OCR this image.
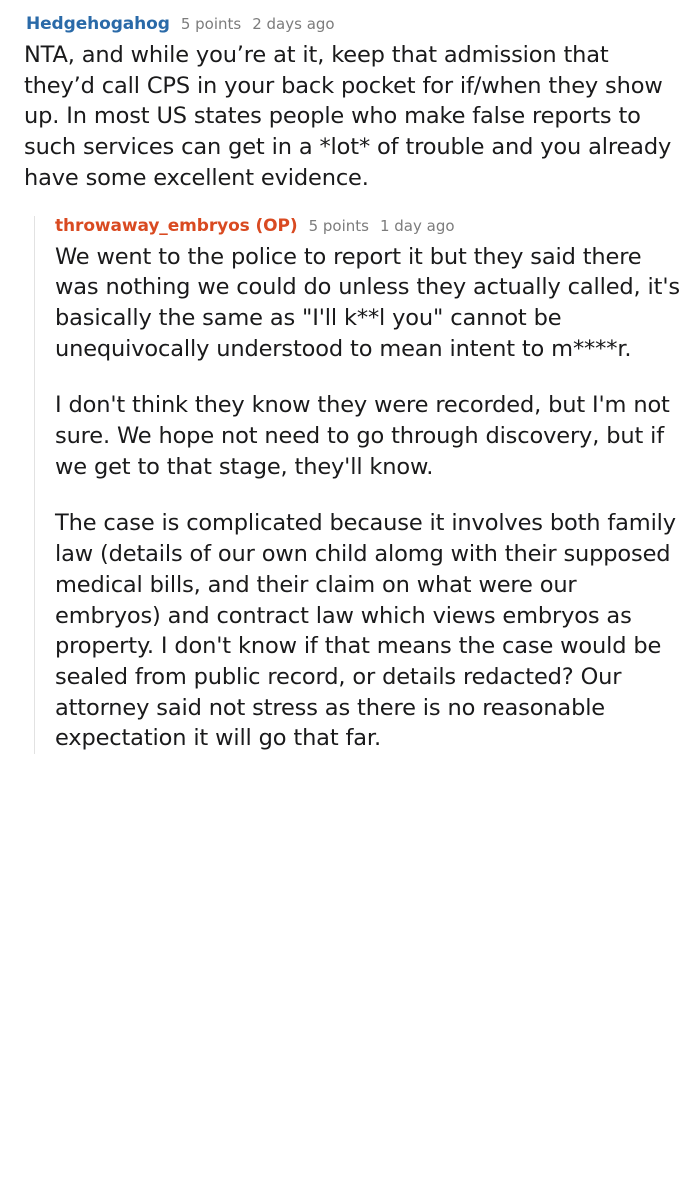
Hedgehogahog 5 points 2 days ago

NTA, and while you’re at it, keep that admission that they’d call CPS in your back pocket for if/when they show up. In most US states people who make false reports to such services can get in a *lot* of trouble and you already have some excellent evidence.

throwaway_embryos (OP) 5 points 1 day ago

We went to the police to report it but they said there was nothing we could do unless they actually called, it's basically the same as "I'll k**l you" cannot be unequivocally understood to mean intent to m****r.

I don't think they know they were recorded, but I'm not sure. We hope not need to go through discovery, but if we get to that stage, they'll know.

The case is complicated because it involves both family law (details of our own child alomg with their supposed medical bills, and their claim on what were our embryos) and contract law which views embryos as property. I don't know if that means the case would be sealed from public record, or details redacted? Our attorney said not stress as there is no reasonable expectation it will go that far.
